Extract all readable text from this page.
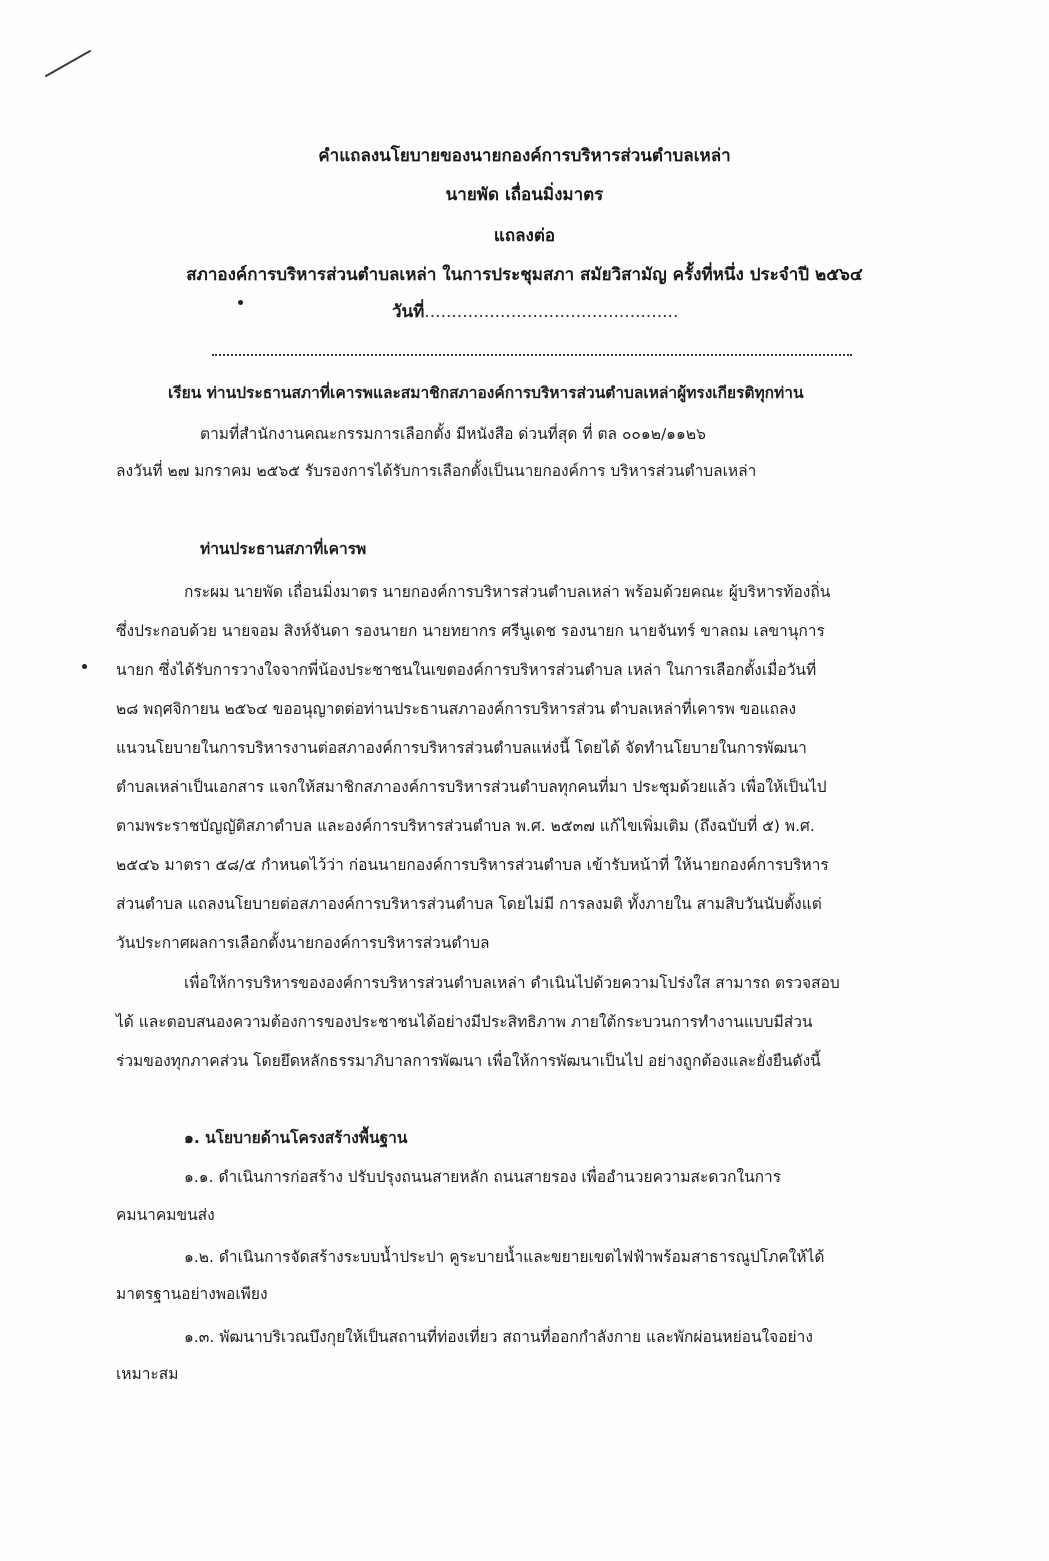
คำแถลงนโยบายของนายกองค์การบริหารส่วนตำบลเหล่า
นายพัด เถื่อนมิ่งมาตร
แถลงต่อ
สภาองค์การบริหารส่วนตำบลเหล่า ในการประชุมสภา สมัยวิสามัญ ครั้งที่หนึ่ง ประจำปี ๒๕๖๔
วันที่...............................................
เรียน ท่านประธานสภาที่เคารพและสมาชิกสภาองค์การบริหารส่วนตำบลเหล่าผู้ทรงเกียรติทุกท่าน
ตามที่สำนักงานคณะกรรมการเลือกตั้ง มีหนังสือ ด่วนที่สุด ที่ ตล ๐๐๑๒/๑๑๒๖
ลงวันที่ ๒๗ มกราคม ๒๕๖๕ รับรองการได้รับการเลือกตั้งเป็นนายกองค์การ บริหารส่วนตำบลเหล่า
ท่านประธานสภาที่เคารพ
กระผม นายพัด เถื่อนมิ่งมาตร นายกองค์การบริหารส่วนตำบลเหล่า พร้อมด้วยคณะ ผู้บริหารท้องถิ่น
ซึ่งประกอบด้วย นายจอม สิงห์จันดา รองนายก นายทยากร ศรีนูเดช รองนายก นายจันทร์ ขาลถม เลขานุการ
นายก ซึ่งได้รับการวางใจจากพี่น้องประชาชนในเขตองค์การบริหารส่วนตำบล เหล่า ในการเลือกตั้งเมื่อวันที่
๒๘ พฤศจิกายน ๒๕๖๔ ขออนุญาตต่อท่านประธานสภาองค์การบริหารส่วน ตำบลเหล่าที่เคารพ ขอแถลง
แนวนโยบายในการบริหารงานต่อสภาองค์การบริหารส่วนตำบลแห่งนี้ โดยได้ จัดทำนโยบายในการพัฒนา
ตำบลเหล่าเป็นเอกสาร แจกให้สมาชิกสภาองค์การบริหารส่วนตำบลทุกคนที่มา ประชุมด้วยแล้ว เพื่อให้เป็นไป
ตามพระราชบัญญัติสภาตำบล และองค์การบริหารส่วนตำบล พ.ศ. ๒๕๓๗ แก้ไขเพิ่มเติม (ถึงฉบับที่ ๕) พ.ศ.
๒๕๔๖ มาตรา ๕๘/๕ กำหนดไว้ว่า ก่อนนายกองค์การบริหารส่วนตำบล เข้ารับหน้าที่ ให้นายกองค์การบริหาร
ส่วนตำบล แถลงนโยบายต่อสภาองค์การบริหารส่วนตำบล โดยไม่มี การลงมติ ทั้งภายใน สามสิบวันนับตั้งแต่
วันประกาศผลการเลือกตั้งนายกองค์การบริหารส่วนตำบล
เพื่อให้การบริหารขององค์การบริหารส่วนตำบลเหล่า ดำเนินไปด้วยความโปร่งใส สามารถ ตรวจสอบ
ได้ และตอบสนองความต้องการของประชาชนได้อย่างมีประสิทธิภาพ ภายใต้กระบวนการทำงานแบบมีส่วน
ร่วมของทุกภาคส่วน โดยยึดหลักธรรมาภิบาลการพัฒนา เพื่อให้การพัฒนาเป็นไป อย่างถูกต้องและยั่งยืนดังนี้
๑. นโยบายด้านโครงสร้างพื้นฐาน
๑.๑. ดำเนินการก่อสร้าง ปรับปรุงถนนสายหลัก ถนนสายรอง เพื่ออำนวยความสะดวกในการ
คมนาคมขนส่ง
๑.๒. ดำเนินการจัดสร้างระบบน้ำประปา คูระบายน้ำและขยายเขตไฟฟ้าพร้อมสาธารณูปโภคให้ได้
มาตรฐานอย่างพอเพียง
๑.๓. พัฒนาบริเวณบึงกุยให้เป็นสถานที่ท่องเที่ยว สถานที่ออกกำลังกาย และพักผ่อนหย่อนใจอย่าง
เหมาะสม
